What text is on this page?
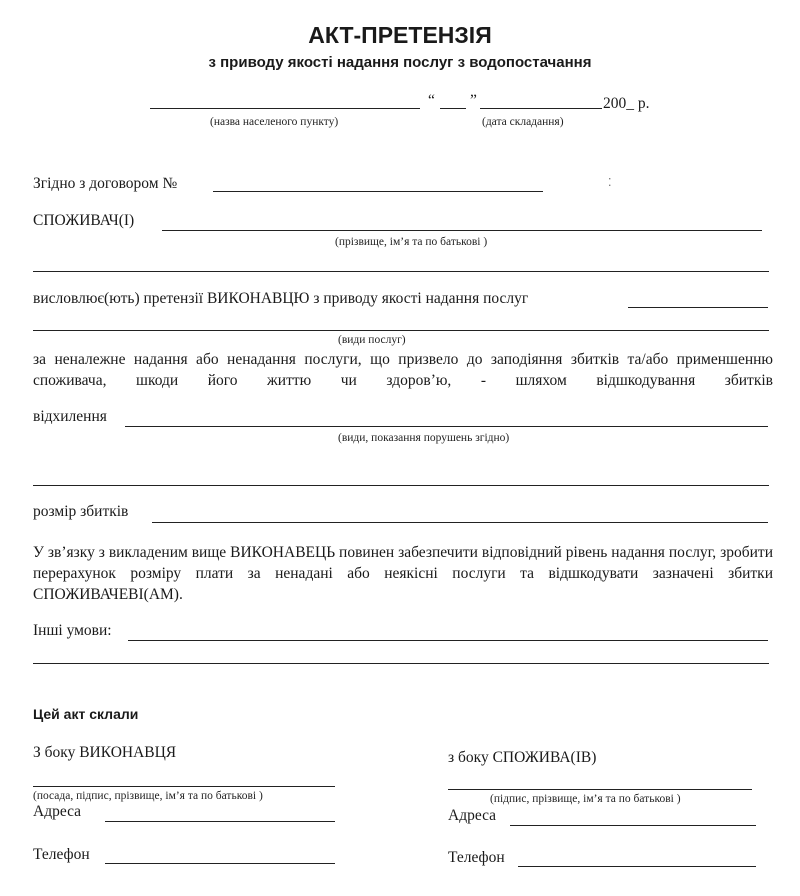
АКТ-ПРЕТЕНЗІЯ
з приводу якості надання послуг з водопостачання
“ ”	200_ р.
(назва населеного пункту)	(дата складання)
Згідно з договором №	⁚
СПОЖИВАЧ(І)
(прізвище, ім’я та по батькові )
висловлює(ють) претензії ВИКОНАВЦЮ з приводу якості надання послуг
(види послуг)
за неналежне надання або ненадання послуги, що призвело до заподіяння збитків та/або применшенню споживача, шкоди його життю чи здоров’ю, - шляхом відшкодування збитків
відхилення
(види, показання порушень згідно)
розмір збитків
У зв’язку з викладеним вище ВИКОНАВЕЦЬ повинен забезпечити відповідний рівень надання послуг, зробити перерахунок розміру плати за ненадані або неякісні послуги та відшкодувати зазначені збитки СПОЖИВАЧЕВІ(АМ).
Інші умови:
Цей акт склали
З боку ВИКОНАВЦЯ
(посада, підпис, прізвище, ім’я та по батькові )
з боку СПОЖИВА(ІВ)
(підпис, прізвище, ім’я та по батькові )
Адреса	Адреса
Телефон	Телефон
